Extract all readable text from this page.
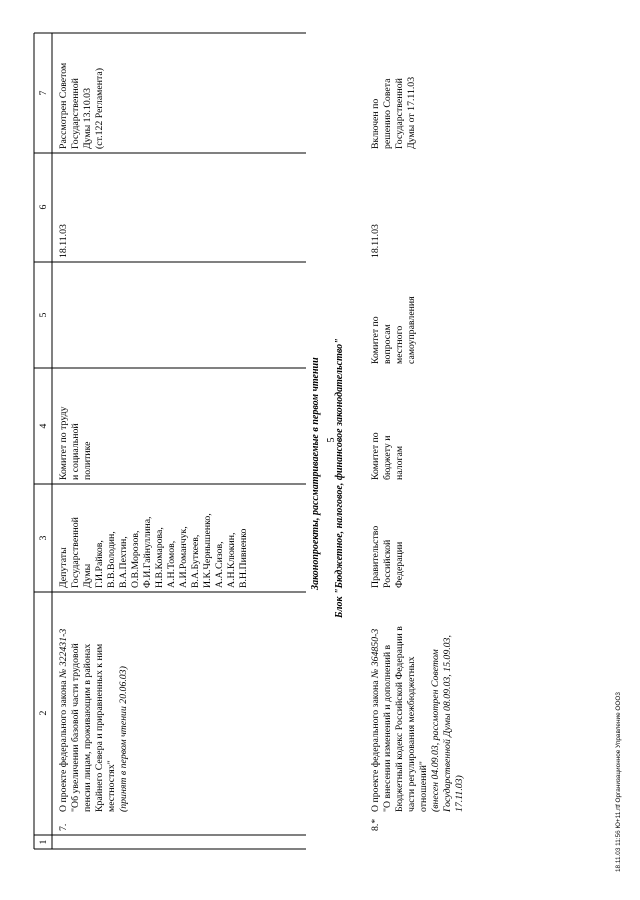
5
1
2
3
4
5
6
7
7.
О проекте федерального закона № 322431-3 "Об увеличении базовой части трудовой пенсии лицам, проживающим в районах Крайнего Севера и приравненных к ним местностях" (принят в первом чтении 20.06.03)
Депутаты Государственной Думы Г.И.Райков, В.В.Володин, В.А.Пехтин, О.В.Морозов, Ф.И.Гайнуллина, Н.В.Комарова, А.Н.Томов, А.И.Романчук, В.А.Буткеев, И.К.Чернышенко, А.А.Сизов, А.Н.Клюкин, В.Н.Пивненко
Комитет по труду и социальной политике
18.11.03
Рассмотрен Советом Государственной Думы 13.10.03 (ст.122 Регламента)
Законопроекты, рассматриваемые в первом чтении Блок "Бюджетное, налоговое, финансовое законодательство"
8.*
О проекте федерального закона № 364850-3 "О внесении изменений и дополнений в Бюджетный кодекс Российской Федерации в части регулирования межбюджетных отношений" (внесен 04.09.03, рассмотрен Советом Государственной Думы 08.09.03, 15.09.03, 17.11.03)
Правительство Российской Федерации
Комитет по бюджету и налогам
Комитет по вопросам местного самоуправления
18.11.03
Включен по решению Совета Государственной Думы от 17.11.03
18.11.03 11:56 Ю+11.rtf Организационное Управление ООО3
